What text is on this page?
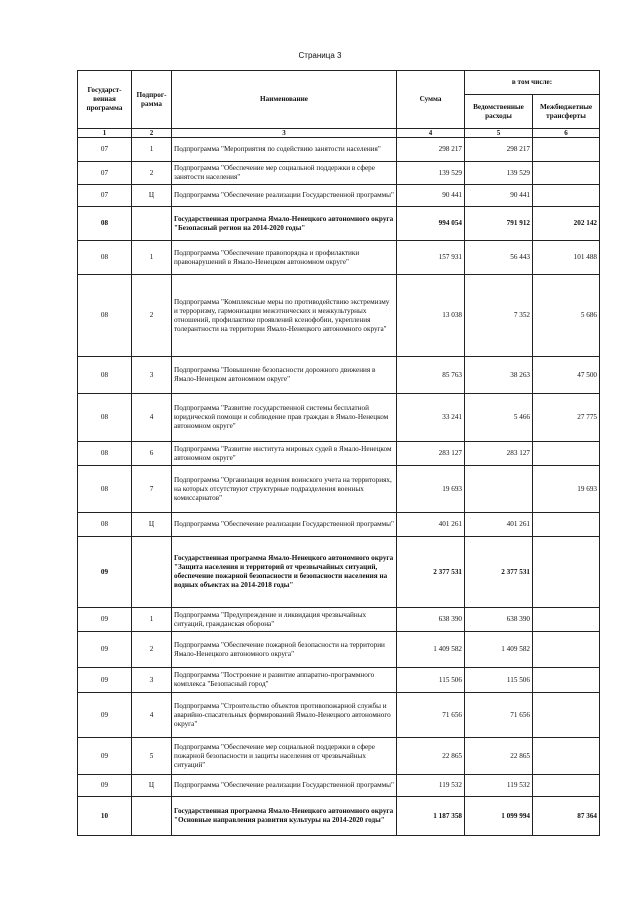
Страница 3
Государст-венная программа	Подпрог-рамма	Наименование	Сумма	в том числе:	
				Ведомственные расходы	Межбюджетные трансферты
1	2	3	4	5	6
07	1	Подпрограмма "Мероприятия по содействию занятости населения"	298 217	298 217	
07	2	Подпрограмма "Обеспечение мер социальной поддержки в сфере занятости населения"	139 529	139 529	
07	Ц	Подпрограмма "Обеспечение реализации Государственной программы"	90 441	90 441	
08		Государственная программа Ямало-Ненецкого автономного округа "Безопасный регион на 2014-2020 годы"	994 054	791 912	202 142
08	1	Подпрограмма "Обеспечение правопорядка и профилактики правонарушений в Ямало-Ненецком автономном округе"	157 931	56 443	101 488
08	2	Подпрограмма "Комплексные меры по противодействию экстремизму и терроризму, гармонизации межэтнических и межкультурных отношений, профилактике проявлений ксенофобии, укрепления толерантности на территории Ямало-Ненецкого автономного округа"	13 038	7 352	5 686
08	3	Подпрограмма "Повышение безопасности дорожного движения в Ямало-Ненецком автономном округе"	85 763	38 263	47 500
08	4	Подпрограмма "Развитие государственной системы бесплатной юридической помощи и соблюдение прав граждан в Ямало-Ненецком автономном округе"	33 241	5 466	27 775
08	6	Подпрограмма "Развитие института мировых судей в Ямало-Ненецком автономном округе"	283 127	283 127	
08	7	Подпрограмма "Организация ведения воинского учета на территориях, на которых отсутствуют структурные подразделения военных комиссариатов"	19 693		19 693
08	Ц	Подпрограмма "Обеспечение реализации Государственной программы"	401 261	401 261	
09		Государственная программа Ямало-Ненецкого автономного округа "Защита населения и территорий от чрезвычайных ситуаций, обеспечение пожарной безопасности и безопасности населения на водных объектах на 2014-2018 годы"	2 377 531	2 377 531	
09	1	Подпрограмма "Предупреждение и ликвидация чрезвычайных ситуаций, гражданская оборона"	638 390	638 390	
09	2	Подпрограмма "Обеспечение пожарной безопасности на территории Ямало-Ненецкого автономного округа"	1 409 582	1 409 582	
09	3	Подпрограмма "Построение и развитие аппаратно-программного комплекса "Безопасный город"	115 506	115 506	
09	4	Подпрограмма "Строительство объектов противопожарной службы и аварийно-спасательных формирований Ямало-Ненецкого автономного округа"	71 656	71 656	
09	5	Подпрограмма "Обеспечение мер социальной поддержки в сфере пожарной безопасности и защиты населения от чрезвычайных ситуаций"	22 865	22 865	
09	Ц	Подпрограмма "Обеспечение реализации Государственной программы"	119 532	119 532	
10		Государственная программа Ямало-Ненецкого автономного округа "Основные направления развития культуры на 2014-2020 годы"	1 187 358	1 099 994	87 364
